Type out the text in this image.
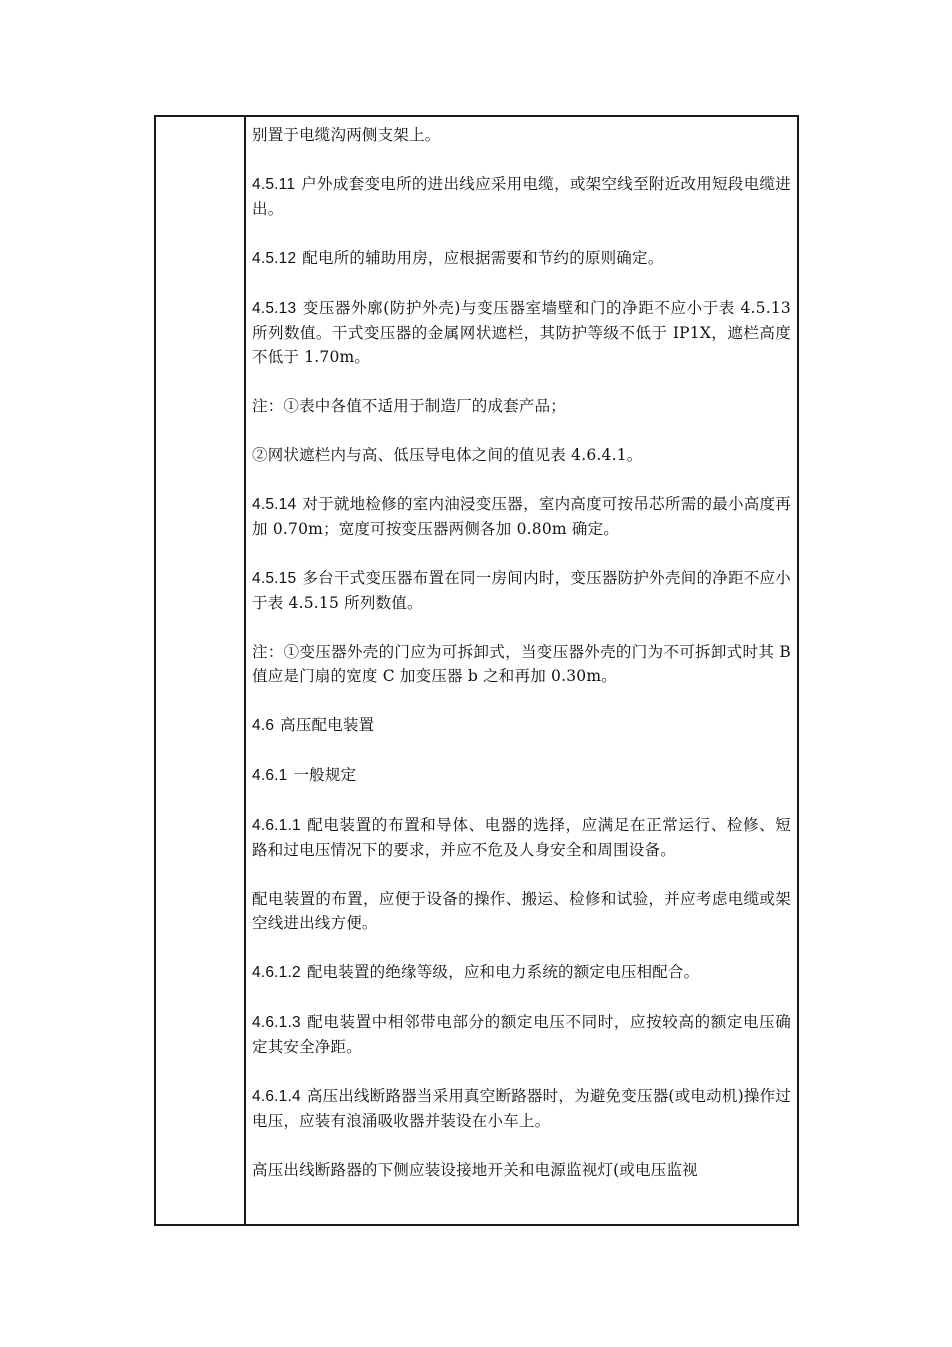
别置于电缆沟两侧支架上。

4.5.11 户外成套变电所的进出线应采用电缆，或架空线至附近改用短段电缆进出。

4.5.12 配电所的辅助用房，应根据需要和节约的原则确定。

4.5.13 变压器外廓(防护外壳)与变压器室墙壁和门的净距不应小于表 4.5.13 所列数值。干式变压器的金属网状遮栏，其防护等级不低于 IP1X，遮栏高度不低于 1.70m。

注：①表中各值不适用于制造厂的成套产品；

②网状遮栏内与高、低压导电体之间的值见表 4.6.4.1。

4.5.14 对于就地检修的室内油浸变压器，室内高度可按吊芯所需的最小高度再加 0.70m；宽度可按变压器两侧各加 0.80m 确定。

4.5.15 多台干式变压器布置在同一房间内时，变压器防护外壳间的净距不应小于表 4.5.15 所列数值。

注：①变压器外壳的门应为可拆卸式，当变压器外壳的门为不可拆卸式时其 B 值应是门扇的宽度 C 加变压器 b 之和再加 0.30m。

4.6 高压配电装置

4.6.1 一般规定

4.6.1.1 配电装置的布置和导体、电器的选择，应满足在正常运行、检修、短路和过电压情况下的要求，并应不危及人身安全和周围设备。

配电装置的布置，应便于设备的操作、搬运、检修和试验，并应考虑电缆或架空线进出线方便。

4.6.1.2 配电装置的绝缘等级，应和电力系统的额定电压相配合。

4.6.1.3 配电装置中相邻带电部分的额定电压不同时，应按较高的额定电压确定其安全净距。

4.6.1.4 高压出线断路器当采用真空断路器时，为避免变压器(或电动机)操作过电压，应装有浪涌吸收器并装设在小车上。

高压出线断路器的下侧应装设接地开关和电源监视灯(或电压监视
